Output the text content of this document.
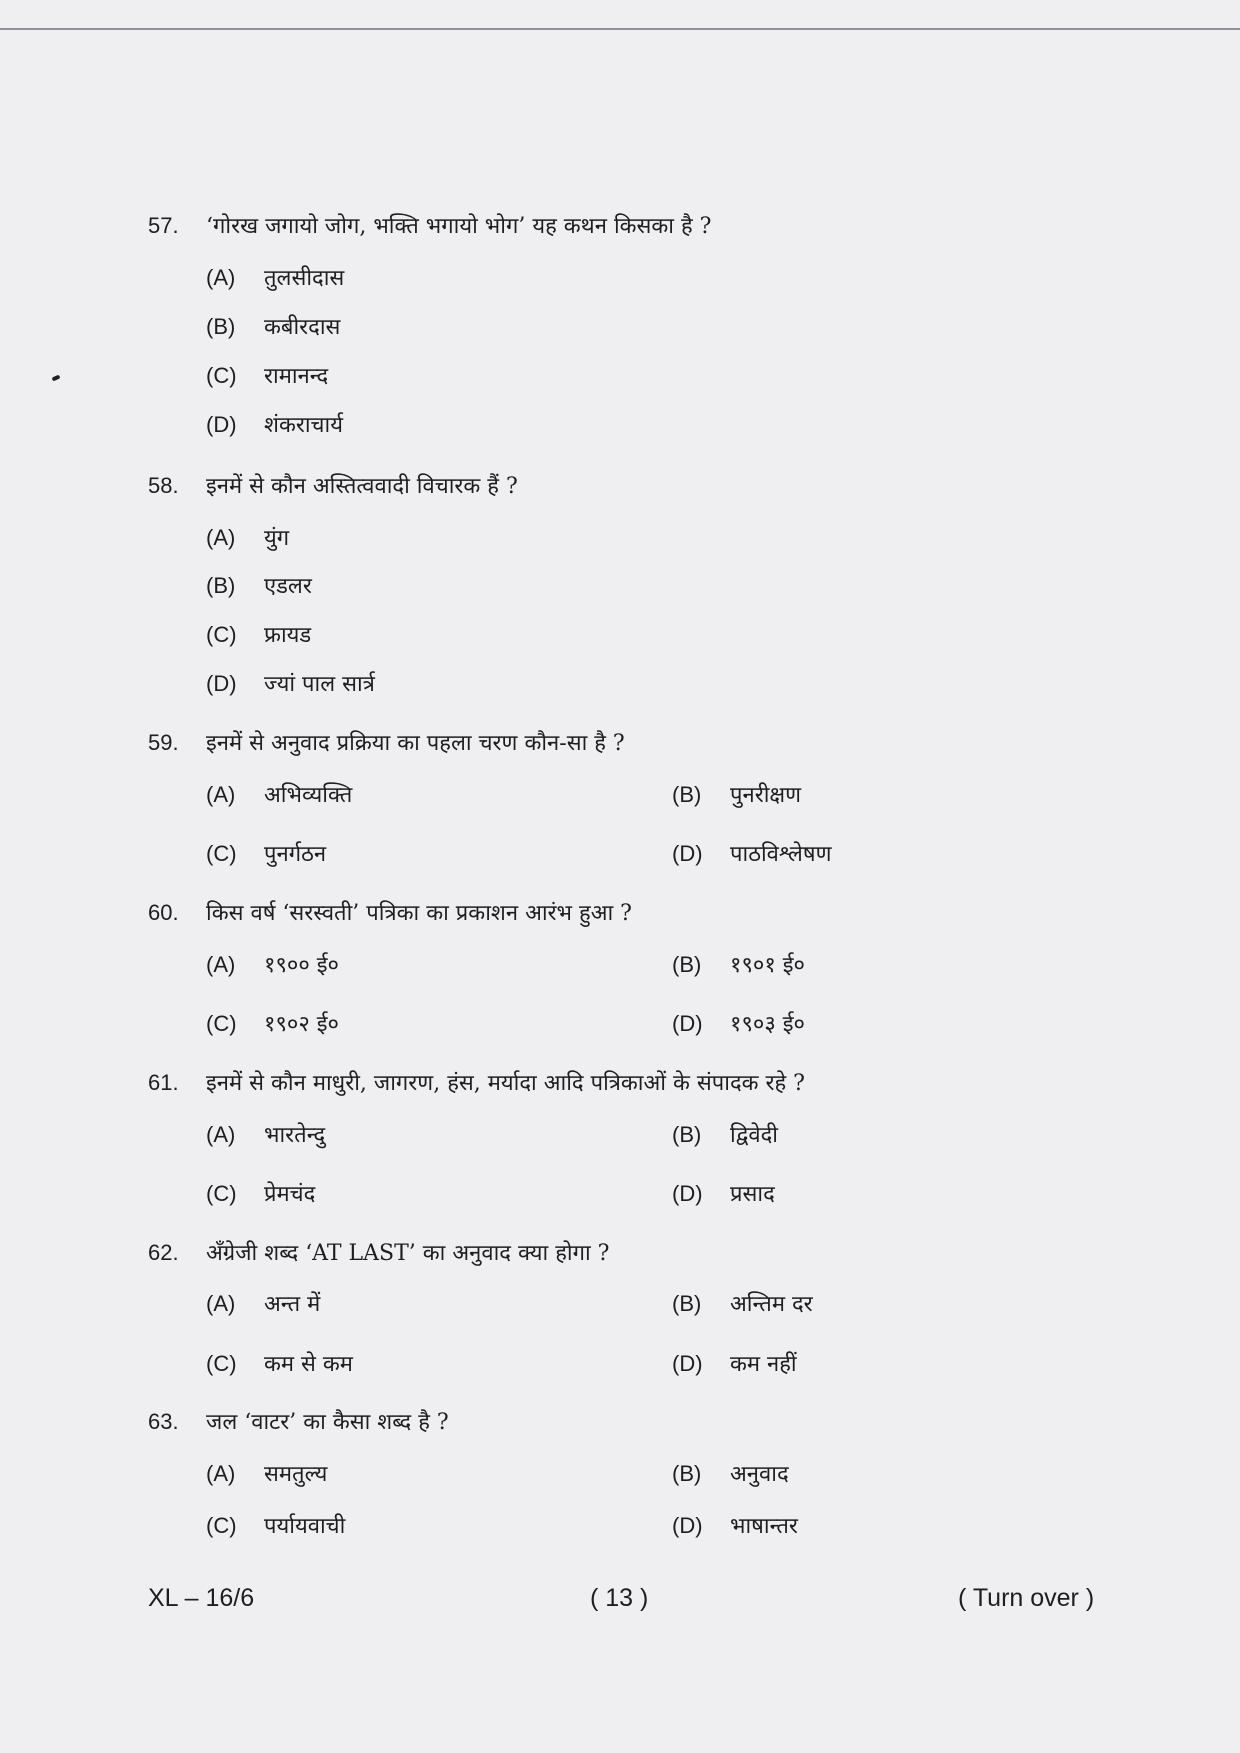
57.	‘गोरख जगायो जोग, भक्ति भगायो भोग’ यह कथन किसका है ?
(A)	तुलसीदास
(B)	कबीरदास
(C)	रामानन्द
(D)	शंकराचार्य
58.	इनमें से कौन अस्तित्ववादी विचारक हैं ?
(A)	युंग
(B)	एडलर
(C)	फ्रायड
(D)	ज्यां पाल सार्त्र
59.	इनमें से अनुवाद प्रक्रिया का पहला चरण कौन-सा है ?
(A)	अभिव्यक्ति	(B)	पुनरीक्षण
(C)	पुनर्गठन	(D)	पाठविश्लेषण
60.	किस वर्ष ‘सरस्वती’ पत्रिका का प्रकाशन आरंभ हुआ ?
(A)	१९०० ई०	(B)	१९०१ ई०
(C)	१९०२ ई०	(D)	१९०३ ई०
61.	इनमें से कौन माधुरी, जागरण, हंस, मर्यादा आदि पत्रिकाओं के संपादक रहे ?
(A)	भारतेन्दु	(B)	द्विवेदी
(C)	प्रेमचंद	(D)	प्रसाद
62.	अँग्रेजी शब्द ‘AT LAST’ का अनुवाद क्या होगा ?
(A)	अन्त में	(B)	अन्तिम दर
(C)	कम से कम	(D)	कम नहीं
63.	जल ‘वाटर’ का कैसा शब्द है ?
(A)	समतुल्य	(B)	अनुवाद
(C)	पर्यायवाची	(D)	भाषान्तर
XL – 16/6	( 13 )	( Turn over )
